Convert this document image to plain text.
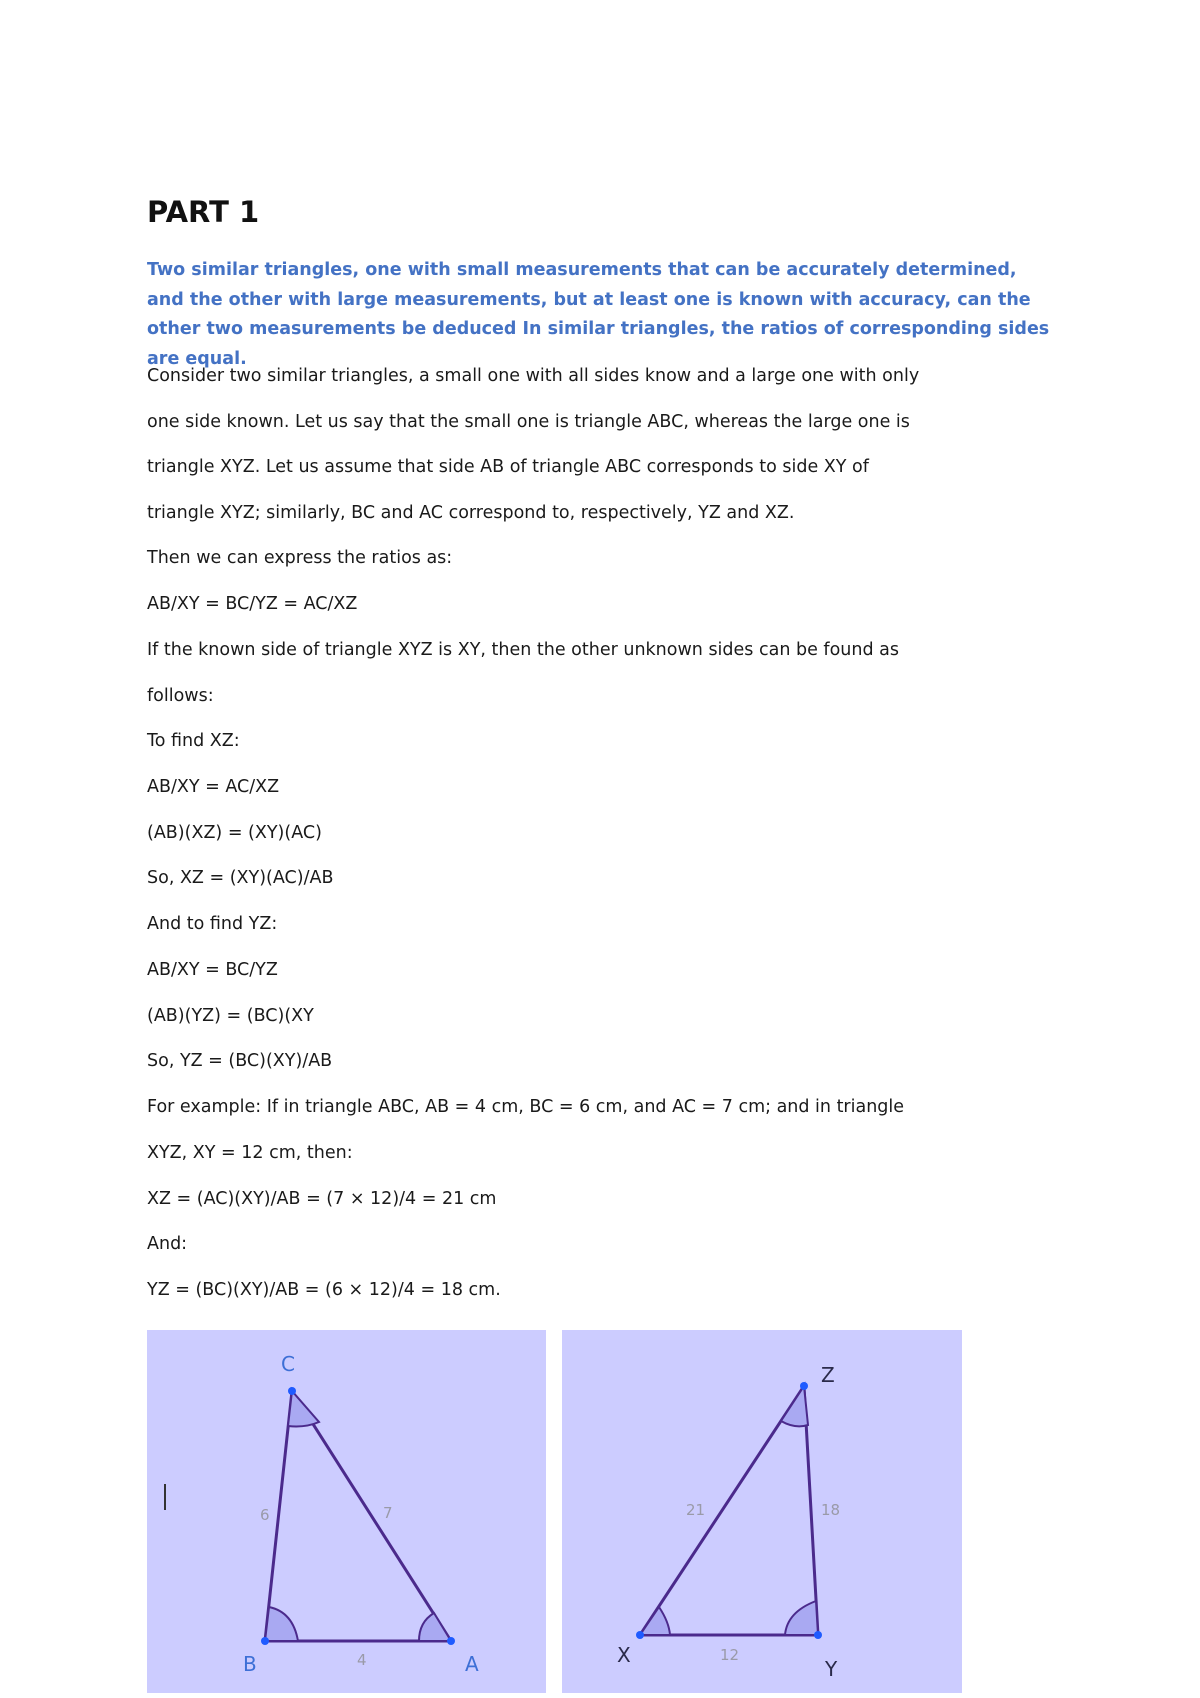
PART 1

Two similar triangles, one with small measurements that can be accurately determined, and the other with large measurements, but at least one is known with accuracy, can the other two measurements be deduced In similar triangles, the ratios of corresponding sides are equal.

Consider two similar triangles, a small one with all sides know and a large one with only

one side known. Let us say that the small one is triangle ABC, whereas the large one is

triangle XYZ. Let us assume that side AB of triangle ABC corresponds to side XY of

triangle XYZ; similarly, BC and AC correspond to, respectively, YZ and XZ.

Then we can express the ratios as:

AB/XY = BC/YZ = AC/XZ

If the known side of triangle XYZ is XY, then the other unknown sides can be found as

follows:

To find XZ:

AB/XY = AC/XZ

(AB)(XZ) = (XY)(AC)

So, XZ = (XY)(AC)/AB

And to find YZ:

AB/XY = BC/YZ

(AB)(YZ) = (BC)(XY

So, YZ = (BC)(XY)/AB

For example: If in triangle ABC, AB = 4 cm, BC = 6 cm, and AC = 7 cm; and in triangle

XYZ, XY = 12 cm, then:

XZ = (AC)(XY)/AB = (7 × 12)/4 = 21 cm

And:

YZ = (BC)(XY)/AB = (6 × 12)/4 = 18 cm.

C
B	A
6	7
4
Z
X
Y
21	18
12
